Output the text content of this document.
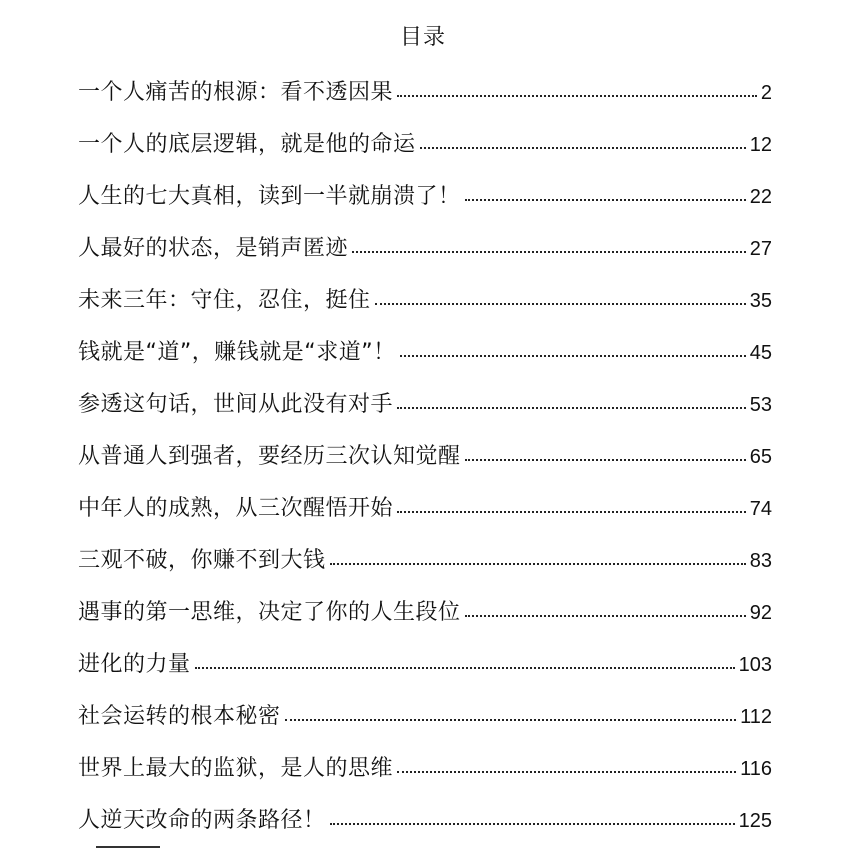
目录
一个人痛苦的根源：看不透因果	2
一个人的底层逻辑，就是他的命运	12
人生的七大真相，读到一半就崩溃了！	22
人最好的状态，是销声匿迹	27
未来三年：守住，忍住，挺住	35
钱就是“道”，赚钱就是“求道”！	45
参透这句话，世间从此没有对手	53
从普通人到强者，要经历三次认知觉醒	65
中年人的成熟，从三次醒悟开始	74
三观不破，你赚不到大钱	83
遇事的第一思维，决定了你的人生段位	92
进化的力量	103
社会运转的根本秘密	112
世界上最大的监狱，是人的思维	116
人逆天改命的两条路径！	125
